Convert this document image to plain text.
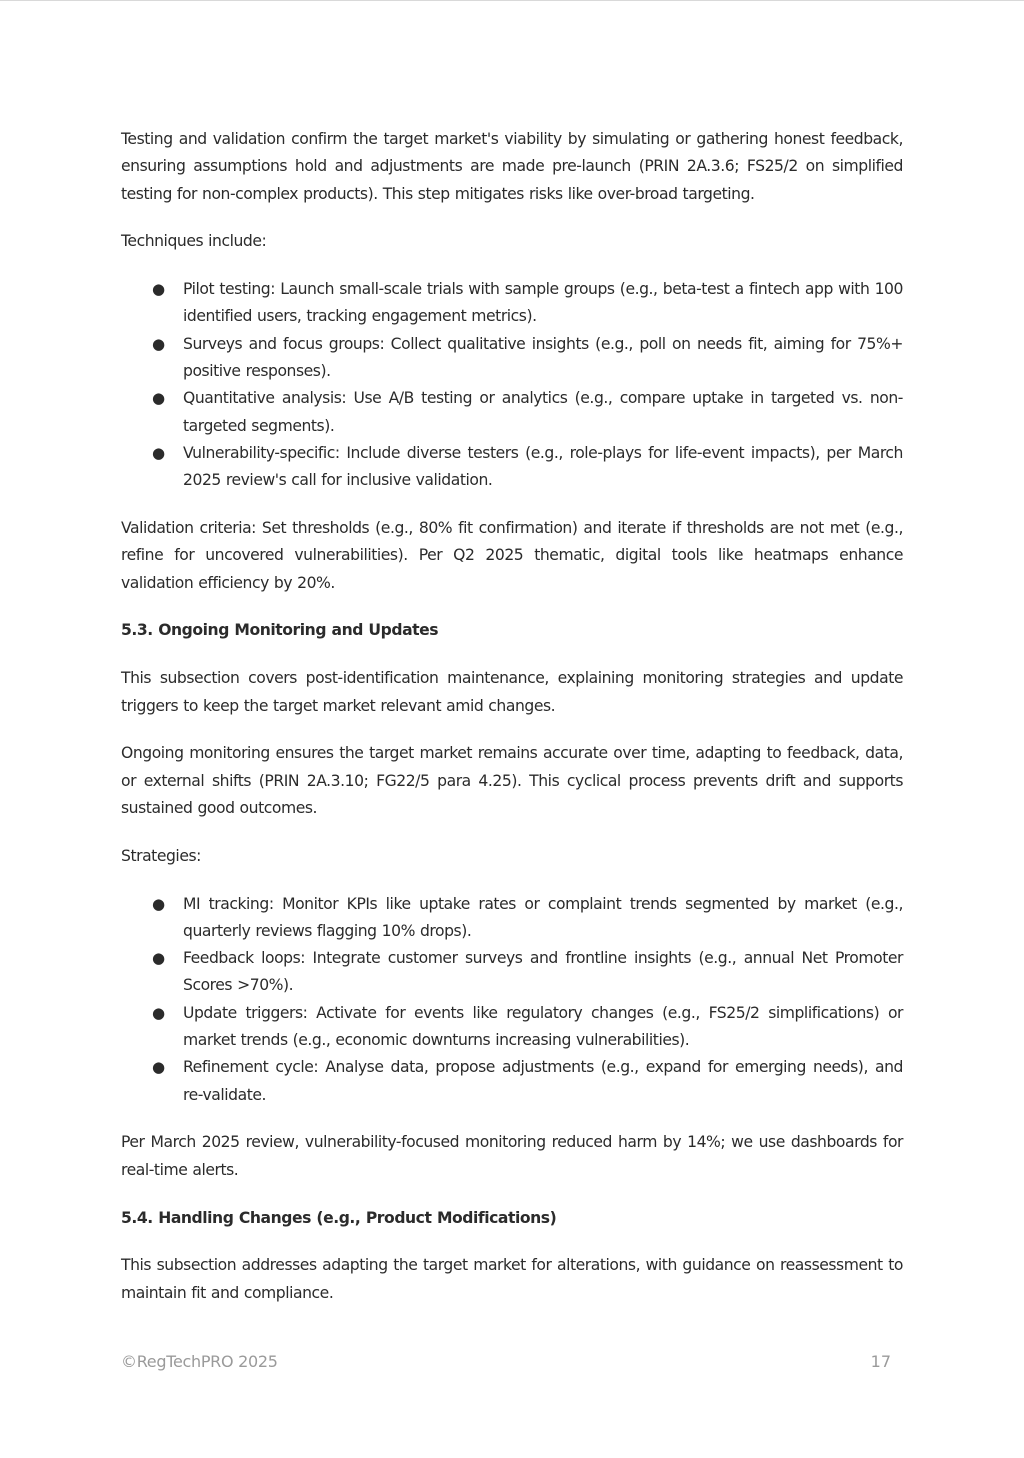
Testing and validation confirm the target market's viability by simulating or gathering honest feedback, ensuring assumptions hold and adjustments are made pre-launch (PRIN 2A.3.6; FS25/2 on simplified testing for non-complex products). This step mitigates risks like over-broad targeting.

Techniques include:

● Pilot testing: Launch small-scale trials with sample groups (e.g., beta-test a fintech app with 100 identified users, tracking engagement metrics).
● Surveys and focus groups: Collect qualitative insights (e.g., poll on needs fit, aiming for 75%+ positive responses).
● Quantitative analysis: Use A/B testing or analytics (e.g., compare uptake in targeted vs. non-targeted segments).
● Vulnerability-specific: Include diverse testers (e.g., role-plays for life-event impacts), per March 2025 review's call for inclusive validation.

Validation criteria: Set thresholds (e.g., 80% fit confirmation) and iterate if thresholds are not met (e.g., refine for uncovered vulnerabilities). Per Q2 2025 thematic, digital tools like heatmaps enhance validation efficiency by 20%.

5.3. Ongoing Monitoring and Updates

This subsection covers post-identification maintenance, explaining monitoring strategies and update triggers to keep the target market relevant amid changes.

Ongoing monitoring ensures the target market remains accurate over time, adapting to feedback, data, or external shifts (PRIN 2A.3.10; FG22/5 para 4.25). This cyclical process prevents drift and supports sustained good outcomes.

Strategies:

● MI tracking: Monitor KPIs like uptake rates or complaint trends segmented by market (e.g., quarterly reviews flagging 10% drops).
● Feedback loops: Integrate customer surveys and frontline insights (e.g., annual Net Promoter Scores >70%).
● Update triggers: Activate for events like regulatory changes (e.g., FS25/2 simplifications) or market trends (e.g., economic downturns increasing vulnerabilities).
● Refinement cycle: Analyse data, propose adjustments (e.g., expand for emerging needs), and re-validate.

Per March 2025 review, vulnerability-focused monitoring reduced harm by 14%; we use dashboards for real-time alerts.

5.4. Handling Changes (e.g., Product Modifications)

This subsection addresses adapting the target market for alterations, with guidance on reassessment to maintain fit and compliance.

©RegTechPRO 2025	17
